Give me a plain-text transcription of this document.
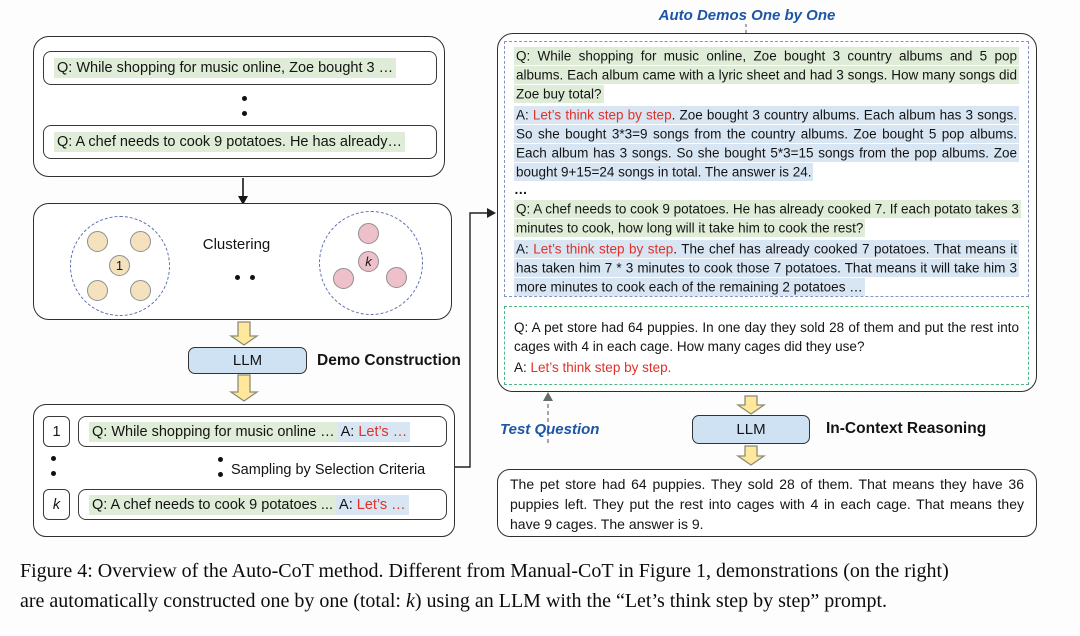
Q: While shopping for music online, Zoe bought 3 …
Q: A chef needs to cook 9 potatoes. He has already…
1
Clustering
k
LLM	Demo Construction
1 Q: While shopping for music online … A: Let’s …
Sampling by Selection Criteria
k Q: A chef needs to cook 9 potatoes ... A: Let’s …
Auto Demos One by One

Q: While shopping for music online, Zoe bought 3 country albums and 5 pop albums. Each album came with a lyric sheet and had 3 songs. How many songs did Zoe buy total?

A: Let’s think step by step. Zoe bought 3 country albums. Each album has 3 songs. So she bought 3*3=9 songs from the country albums. Zoe bought 5 pop albums. Each album has 3 songs. So she bought 5*3=15 songs from the pop albums. Zoe bought 9+15=24 songs in total. The answer is 24.

…

Q: A chef needs to cook 9 potatoes. He has already cooked 7. If each potato takes 3 minutes to cook, how long will it take him to cook the rest?

A: Let’s think step by step. The chef has already cooked 7 potatoes. That means it has taken him 7 * 3 minutes to cook those 7 potatoes. That means it will take him 3 more minutes to cook each of the remaining 2 potatoes …

Q: A pet store had 64 puppies. In one day they sold 28 of them and put the rest into cages with 4 in each cage. How many cages did they use?

A: Let’s think step by step.

Test Question	LLM	In-Context Reasoning
The pet store had 64 puppies. They sold 28 of them. That means they have 36 puppies left. They put the rest into cages with 4 in each cage. That means they have 9 cages. The answer is 9.
Figure 4: Overview of the Auto-CoT method. Different from Manual-CoT in Figure 1, demonstrations (on the right)
are automatically constructed one by one (total: k) using an LLM with the “Let’s think step by step” prompt.
